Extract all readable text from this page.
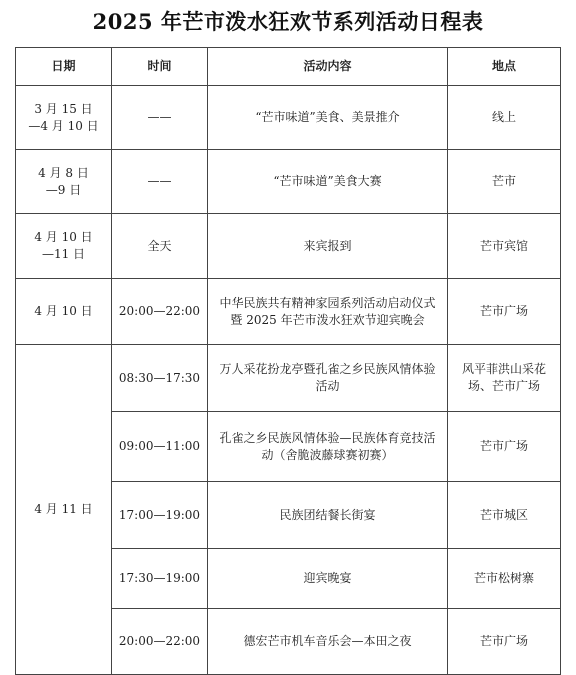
2025 年芒市泼水狂欢节系列活动日程表
日期	时间	活动内容	地点

3 月 15 日
—4 月 10 日	——	“芒市味道”美食、美景推介	线上

4 月 8 日
—9 日	——	“芒市味道”美食大赛	芒市

4 月 10 日
—11 日	全天	来宾报到	芒市宾馆

4 月 10 日	20:00—22:00	中华民族共有精神家园系列活动启动仪式暨 2025 年芒市泼水狂欢节迎宾晚会	芒市广场
4 月 11 日	08:30—17:30	万人采花扮龙亭暨孔雀之乡民族风情体验活动	风平菲洪山采花场、芒市广场
	09:00—11:00	孔雀之乡民族风情体验—民族体育竞技活动（舍脆波藤球赛初赛）	芒市广场
	17:00—19:00	民族团结餐长街宴	芒市城区
	17:30—19:00	迎宾晚宴	芒市松树寨
	20:00—22:00	德宏芒市机车音乐会—本田之夜	芒市广场
